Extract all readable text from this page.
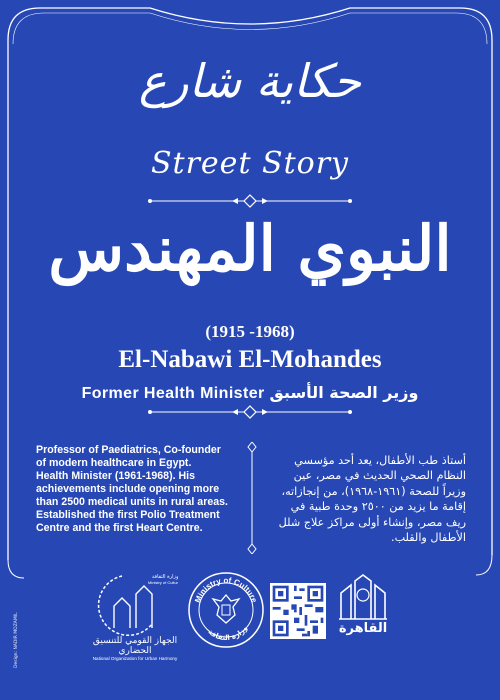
حكاية شارع
Street Story
النبوي المهندس
(1915 -1968)
El-Nabawi El-Mohandes
Former Health Minister وزير الصحة الأسبق
Professor of Paediatrics, Co-founder
of modern healthcare in Egypt.
Health Minister (1961-1968). His
achievements include opening more
than 2500 medical units in rural areas.
Established the first Polio Treatment
Centre and the first Heart Centre.
أستاذ طب الأطفال، يعد أحد مؤسسي
النظام الصحي الحديث في مصر، عين
وزيراً للصحة (١٩٦١-١٩٦٨)، من إنجازاته،
إقامة ما يزيد من ٢٥٠٠ وحدة طبية في
ريف مصر، وإنشاء أولى مراكز علاج شلل
الأطفال والقلب.
Design: NADIR MOZAMIL
وزارة الثقافة
Ministry of Culture
الجهاز القومي للتنسيق الحضاري
National Organization for Urban Harmony
Ministry of Culture
وزارة الثقافة	القاهرة
